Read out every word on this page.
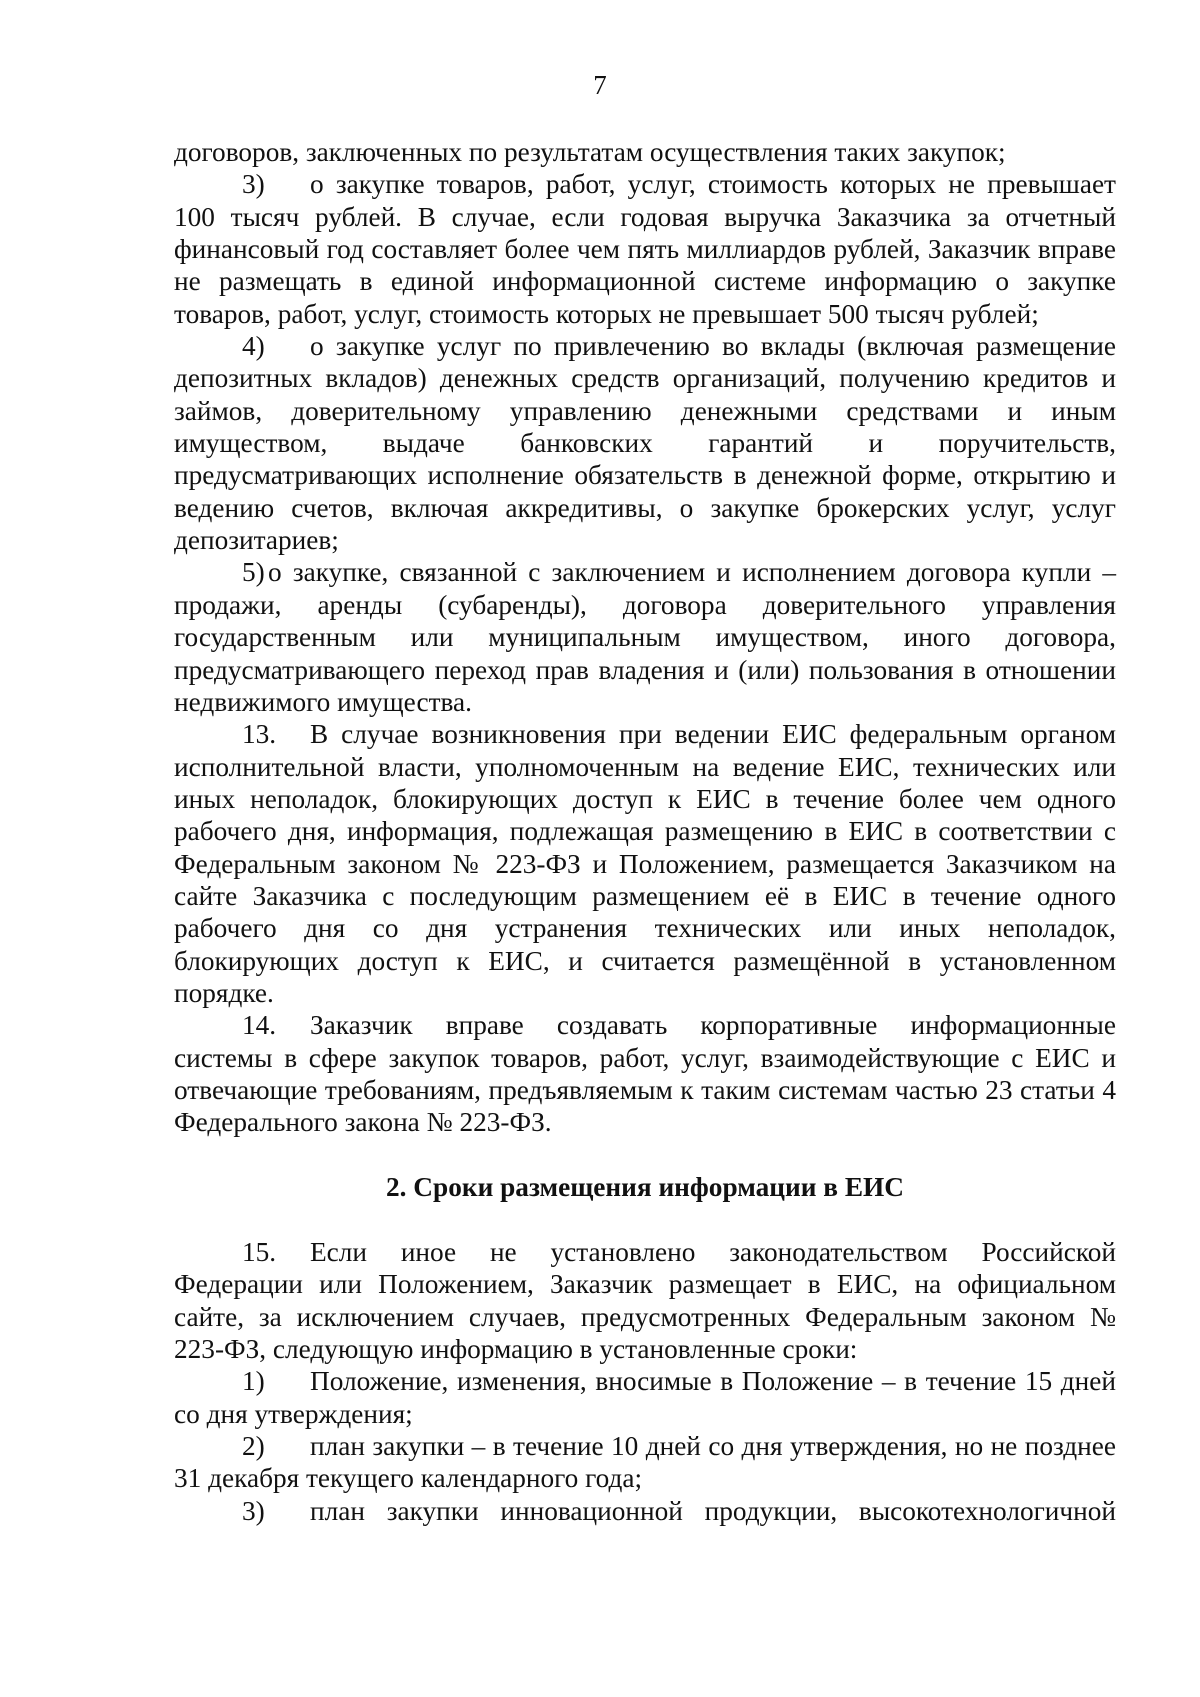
7

договоров, заключенных по результатам осуществления таких закупок;

3) о закупке товаров, работ, услуг, стоимость которых не превышает 100 тысяч рублей. В случае, если годовая выручка Заказчика за отчетный финансовый год составляет более чем пять миллиардов рублей, Заказчик вправе не размещать в единой информационной системе информацию о закупке товаров, работ, услуг, стоимость которых не превышает 500 тысяч рублей;

4) о закупке услуг по привлечению во вклады (включая размещение депозитных вкладов) денежных средств организаций, получению кредитов и займов, доверительному управлению денежными средствами и иным имуществом, выдаче банковских гарантий и поручительств, предусматривающих исполнение обязательств в денежной форме, открытию и ведению счетов, включая аккредитивы, о закупке брокерских услуг, услуг депозитариев;

5) о закупке, связанной с заключением и исполнением договора купли – продажи, аренды (субаренды), договора доверительного управления государственным или муниципальным имуществом, иного договора, предусматривающего переход прав владения и (или) пользования в отношении недвижимого имущества.

13. В случае возникновения при ведении ЕИС федеральным органом исполнительной власти, уполномоченным на ведение ЕИС, технических или иных неполадок, блокирующих доступ к ЕИС в течение более чем одного рабочего дня, информация, подлежащая размещению в ЕИС в соответствии с Федеральным законом № 223-ФЗ и Положением, размещается Заказчиком на сайте Заказчика с последующим размещением её в ЕИС в течение одного рабочего дня со дня устранения технических или иных неполадок, блокирующих доступ к ЕИС, и считается размещённой в установленном порядке.

14. Заказчик вправе создавать корпоративные информационные системы в сфере закупок товаров, работ, услуг, взаимодействующие с ЕИС и отвечающие требованиям, предъявляемым к таким системам частью 23 статьи 4 Федерального закона № 223-ФЗ.

2. Сроки размещения информации в ЕИС

15. Если иное не установлено законодательством Российской Федерации или Положением, Заказчик размещает в ЕИС, на официальном сайте, за исключением случаев, предусмотренных Федеральным законом № 223-ФЗ, следующую информацию в установленные сроки:

1) Положение, изменения, вносимые в Положение – в течение 15 дней со дня утверждения;

2) план закупки – в течение 10 дней со дня утверждения, но не позднее 31 декабря текущего календарного года;

3) план закупки инновационной продукции, высокотехнологичной
